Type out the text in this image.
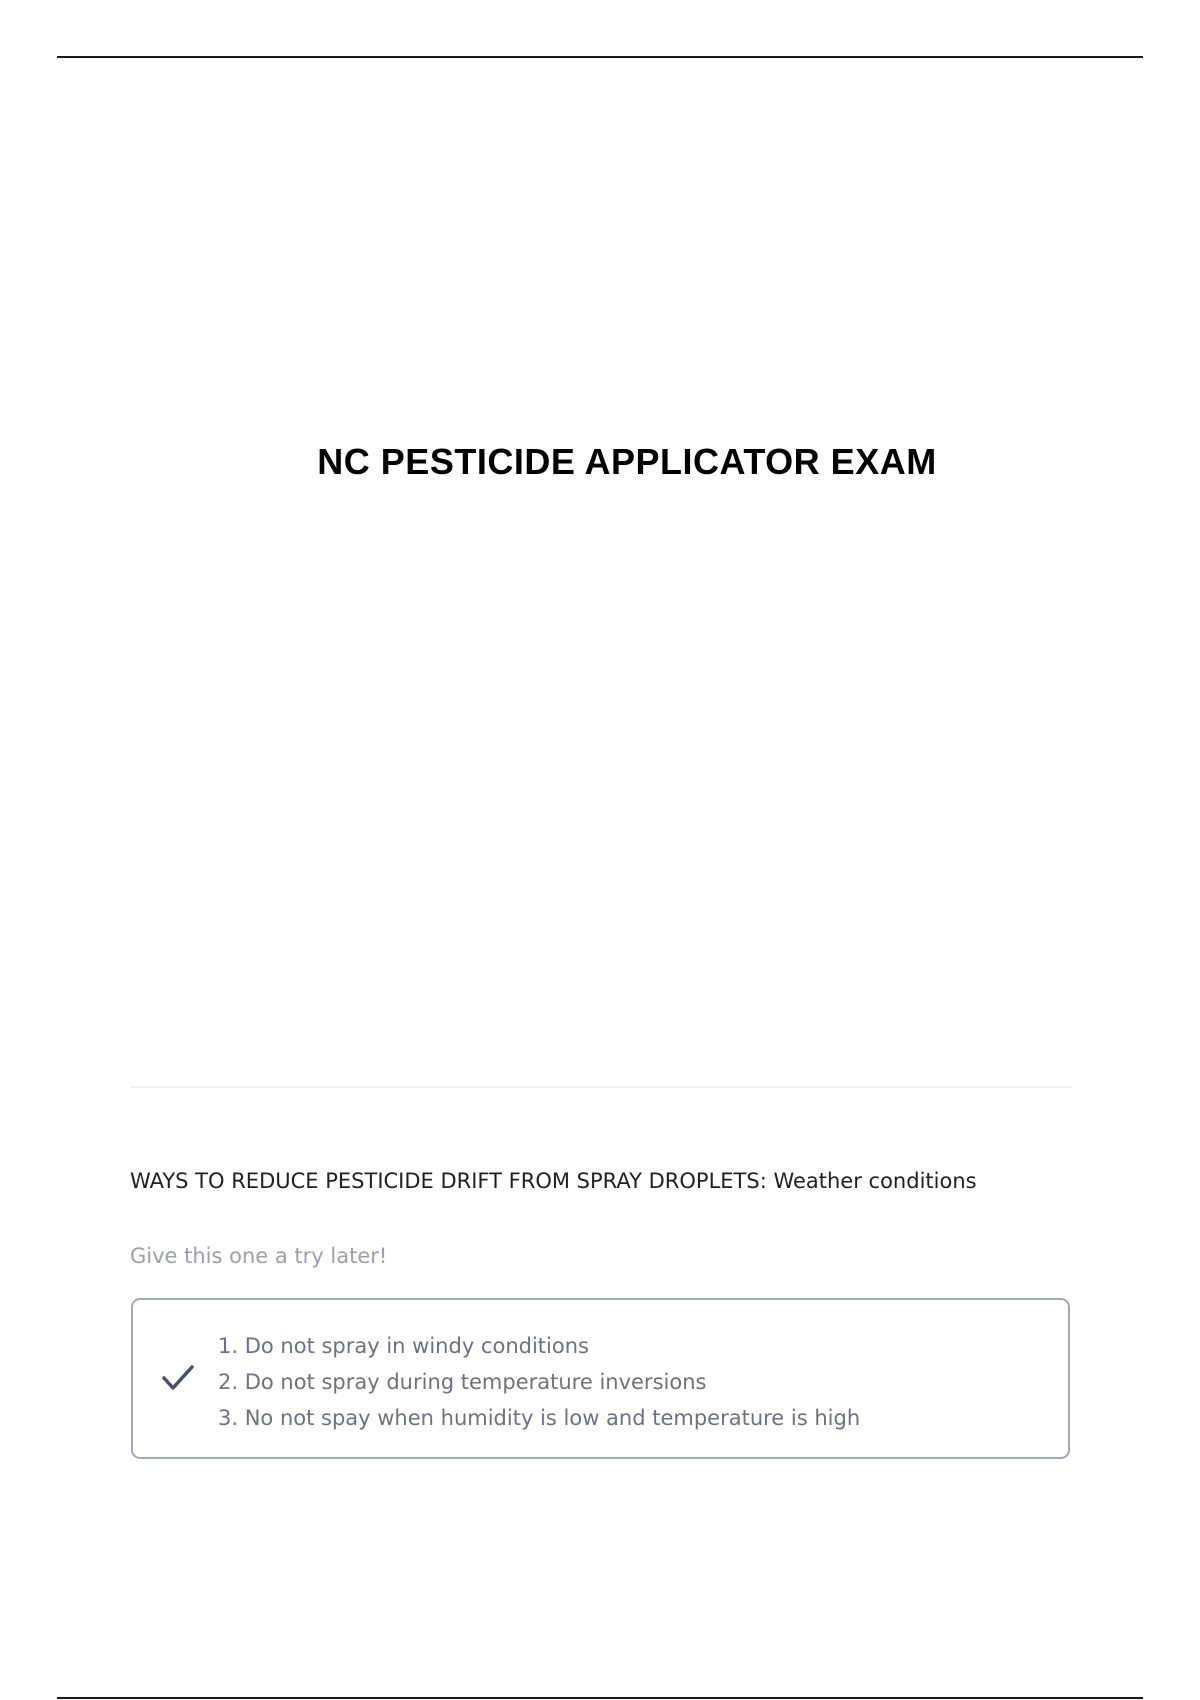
NC PESTICIDE APPLICATOR EXAM
WAYS TO REDUCE PESTICIDE DRIFT FROM SPRAY DROPLETS: Weather conditions
Give this one a try later!
1. Do not spray in windy conditions
2. Do not spray during temperature inversions
3. No not spay when humidity is low and temperature is high
